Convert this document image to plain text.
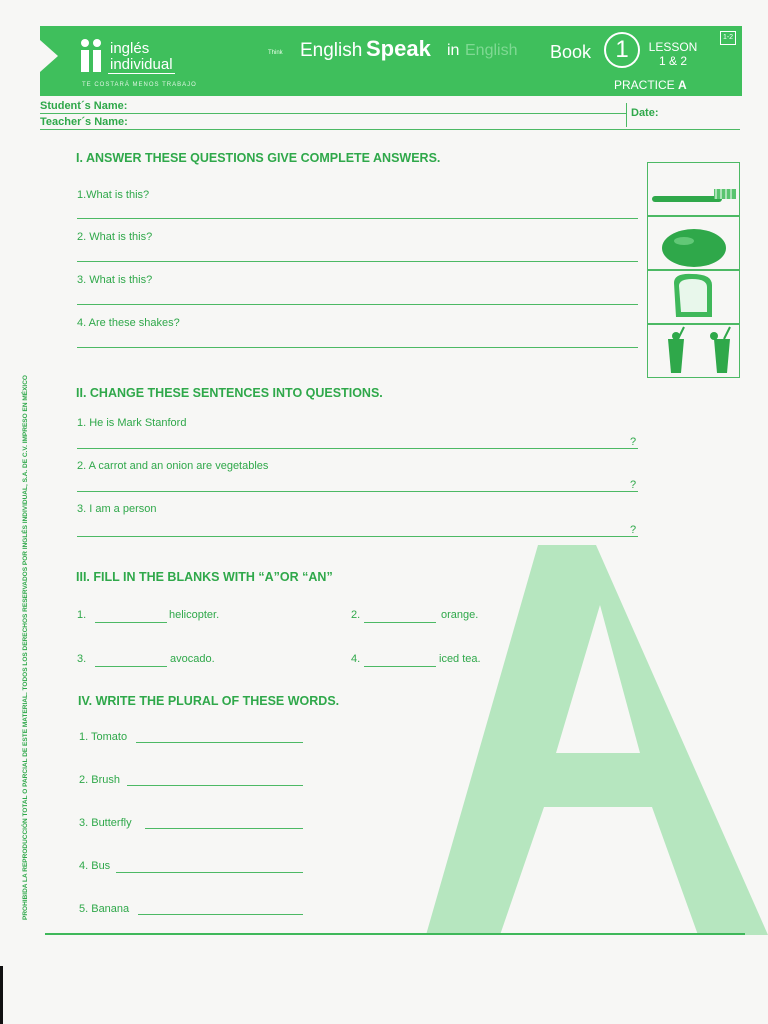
inglés
individual
TE COSTARÁ MENOS TRABAJO
Think English Speak in English Book	1	LESSON
1 & 2
PRACTICE A
1-2
Student´s Name:
Date:
Teacher´s Name:
I. ANSWER THESE QUESTIONS GIVE COMPLETE ANSWERS.
1.What is this?
2. What is this?
3. What is this?
4. Are these shakes?
II. CHANGE THESE SENTENCES INTO QUESTIONS.
1. He is Mark Stanford
?
2. A carrot and an onion are vegetables
?
3. I am a person
?
III. FILL IN THE BLANKS WITH “A”OR “AN”
1.	helicopter.	2.	orange.
3.	avocado.	4.	iced tea.
IV. WRITE THE PLURAL OF THESE WORDS.
1. Tomato
2. Brush
3. Butterfly
4. Bus
5. Banana
PROHIBIDA LA REPRODUCCIÓN TOTAL O PARCIAL DE ESTE MATERIAL. TODOS LOS DERECHOS RESERVADOS POR INGLÉS INDIVIDUAL, S.A. DE C.V. IMPRESO EN MÉXICO
